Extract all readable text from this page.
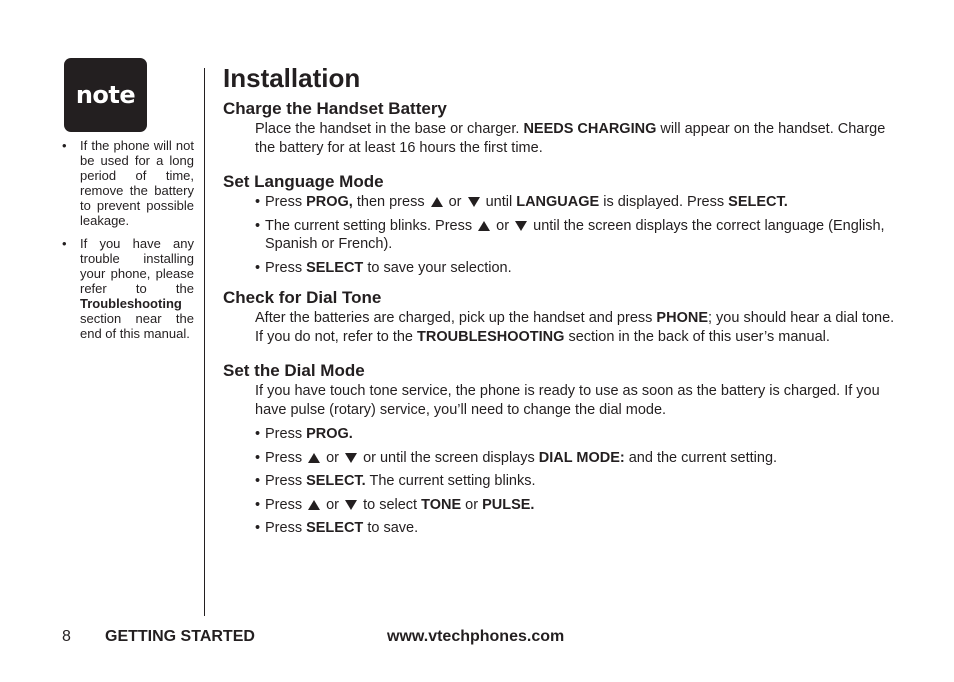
note
•	If the phone will not be used for a long period of time, remove the battery to prevent possible leakage.
•	If you have any trouble installing your phone, please refer to the Troubleshooting section near the end of this manual.
Installation
Charge the Handset Battery

Place the handset in the base or charger. NEEDS CHARGING will appear on the handset. Charge the battery for at least 16 hours the first time.

Set Language Mode
• Press PROG, then press  or  until LANGUAGE is displayed. Press SELECT.
• The current setting blinks. Press  or  until the screen displays the correct language (English, Spanish or French).
• Press SELECT to save your selection.
Check for Dial Tone

After the batteries are charged, pick up the handset and press PHONE; you should hear a dial tone. If you do not, refer to the TROUBLESHOOTING section in the back of this user’s manual.

Set the Dial Mode

If you have touch tone service, the phone is ready to use as soon as the battery is charged. If you have pulse (rotary) service, you’ll need to change the dial mode.

• Press PROG.
• Press  or  or until the screen displays DIAL MODE: and the current setting.
• Press SELECT. The current setting blinks.
• Press  or  to select TONE or PULSE.
• Press SELECT to save.
8 GETTING STARTED	www.vtechphones.com
